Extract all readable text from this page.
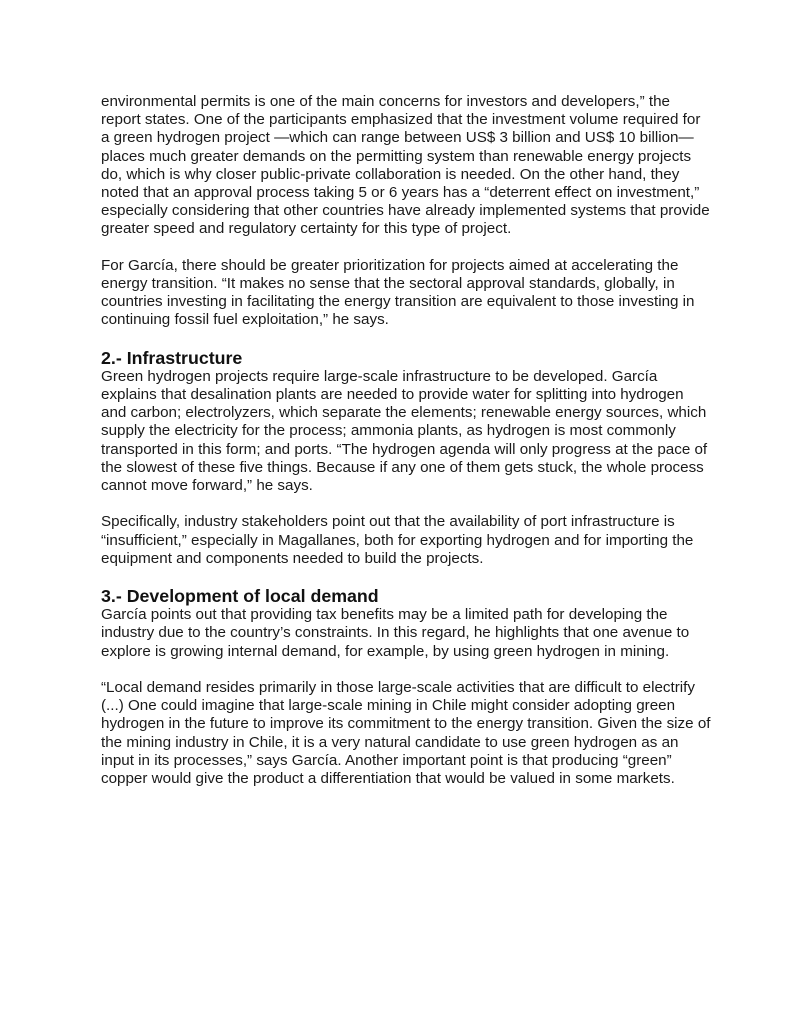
environmental permits is one of the main concerns for investors and developers,” the report states. One of the participants emphasized that the investment volume required for a green hydrogen project —which can range between US$ 3 billion and US$ 10 billion— places much greater demands on the permitting system than renewable energy projects do, which is why closer public-private collaboration is needed. On the other hand, they noted that an approval process taking 5 or 6 years has a “deterrent effect on investment,” especially considering that other countries have already implemented systems that provide greater speed and regulatory certainty for this type of project.

For García, there should be greater prioritization for projects aimed at accelerating the energy transition. “It makes no sense that the sectoral approval standards, globally, in countries investing in facilitating the energy transition are equivalent to those investing in continuing fossil fuel exploitation,” he says.

2.- Infrastructure

Green hydrogen projects require large-scale infrastructure to be developed. García explains that desalination plants are needed to provide water for splitting into hydrogen and carbon; electrolyzers, which separate the elements; renewable energy sources, which supply the electricity for the process; ammonia plants, as hydrogen is most commonly transported in this form; and ports. “The hydrogen agenda will only progress at the pace of the slowest of these five things. Because if any one of them gets stuck, the whole process cannot move forward,” he says.

Specifically, industry stakeholders point out that the availability of port infrastructure is “insufficient,” especially in Magallanes, both for exporting hydrogen and for importing the equipment and components needed to build the projects.

3.- Development of local demand

García points out that providing tax benefits may be a limited path for developing the industry due to the country’s constraints. In this regard, he highlights that one avenue to explore is growing internal demand, for example, by using green hydrogen in mining.

“Local demand resides primarily in those large-scale activities that are difficult to electrify (...) One could imagine that large-scale mining in Chile might consider adopting green hydrogen in the future to improve its commitment to the energy transition. Given the size of the mining industry in Chile, it is a very natural candidate to use green hydrogen as an input in its processes,” says García. Another important point is that producing “green” copper would give the product a differentiation that would be valued in some markets.
